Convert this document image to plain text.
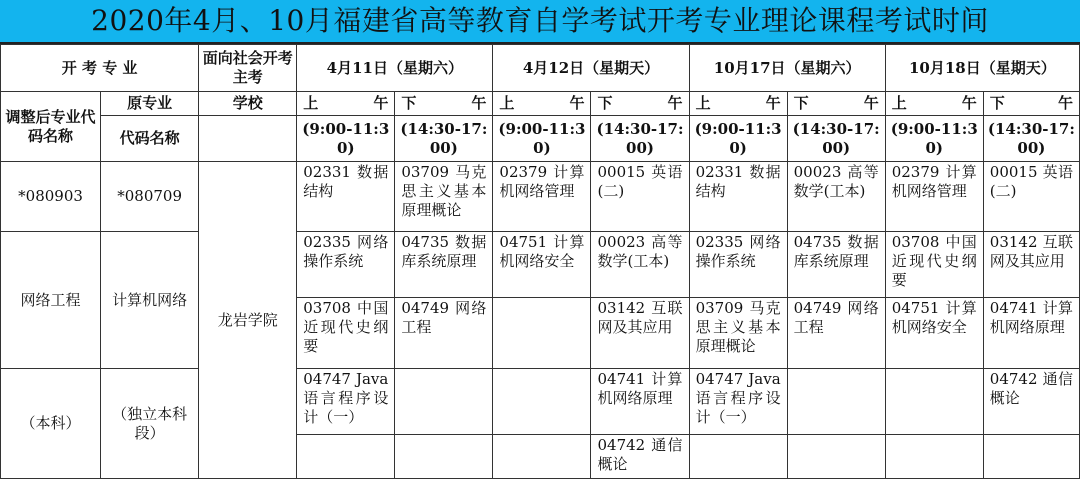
2020年4月、10月福建省高等教育自学考试开考专业理论课程考试时间
开 考 专 业		面向社会开考主考	4月11日（星期六）		4月12日（星期天）		10月17日（星期六）		10月18日（星期天）	
调整后专业代码名称	原专业	学校	上午	下午	上午	下午	上午	下午	上午	下午
	代码名称		(9:00-11:30)	(14:30-17:00)	(9:00-11:30)	(14:30-17:00)	(9:00-11:30)	(14:30-17:00)	(9:00-11:30)	(14:30-17:00)
*080903	*080709	龙岩学院	02331 数据结构	03709 马克思主义基本原理概论	02379 计算机网络管理	00015 英语(二)	02331 数据结构	00023 高等数学(工本)	02379 计算机网络管理	00015 英语(二)
网络工程	计算机网络		02335 网络操作系统	04735 数据库系统原理	04751 计算机网络安全	00023 高等数学(工本)	02335 网络操作系统	04735 数据库系统原理	03708 中国近现代史纲要	03142 互联网及其应用
			03708 中国近现代史纲要	04749 网络工程		03142 互联网及其应用	03709 马克思主义基本原理概论	04749 网络工程	04751 计算机网络安全	04741 计算机网络原理
（本科）	（独立本科段）		04747 Java语言程序设计（一）			04741 计算机网络原理	04747 Java语言程序设计（一）			04742 通信概论
						04742 通信概论				
